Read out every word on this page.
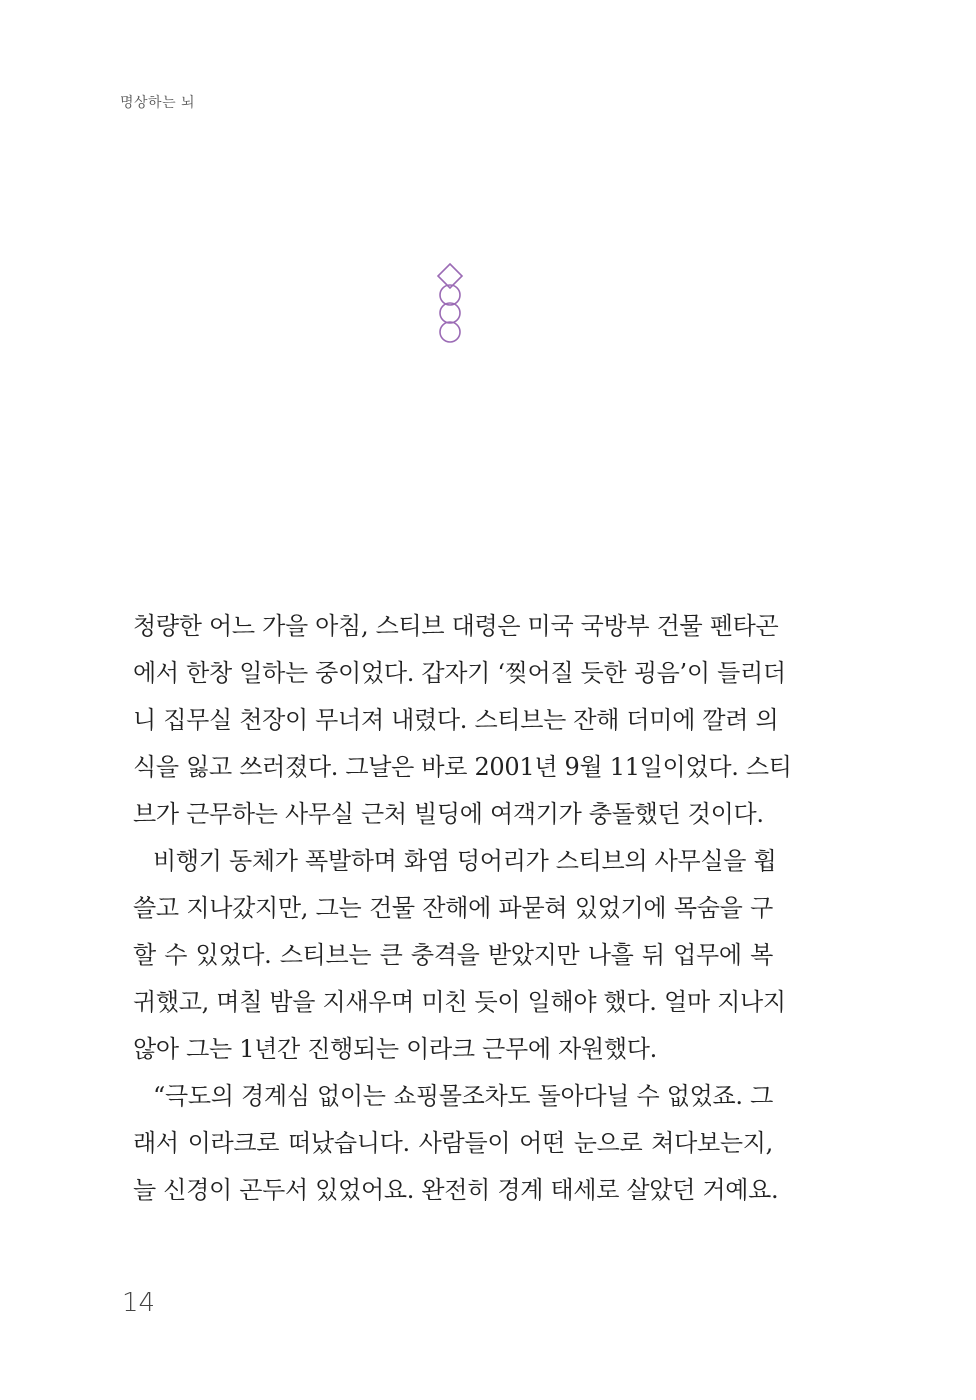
명상하는 뇌
청량한 어느 가을 아침, 스티브 대령은 미국 국방부 건물 펜타곤
에서 한창 일하는 중이었다. 갑자기 ‘찢어질 듯한 굉음’이 들리더
니 집무실 천장이 무너져 내렸다. 스티브는 잔해 더미에 깔려 의
식을 잃고 쓰러졌다. 그날은 바로 2001년 9월 11일이었다. 스티
브가 근무하는 사무실 근처 빌딩에 여객기가 충돌했던 것이다.
비행기 동체가 폭발하며 화염 덩어리가 스티브의 사무실을 휩
쓸고 지나갔지만, 그는 건물 잔해에 파묻혀 있었기에 목숨을 구
할 수 있었다. 스티브는 큰 충격을 받았지만 나흘 뒤 업무에 복
귀했고, 며칠 밤을 지새우며 미친 듯이 일해야 했다. 얼마 지나지
않아 그는 1년간 진행되는 이라크 근무에 자원했다.
“극도의 경계심 없이는 쇼핑몰조차도 돌아다닐 수 없었죠. 그
래서 이라크로 떠났습니다. 사람들이 어떤 눈으로 쳐다보는지,
늘 신경이 곤두서 있었어요. 완전히 경계 태세로 살았던 거예요.
14
